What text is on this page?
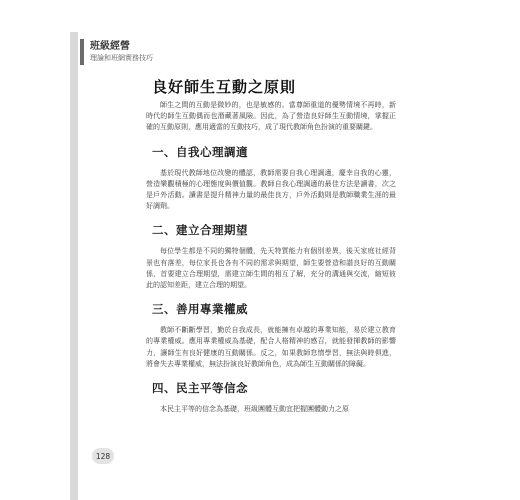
班級經營
理論和班網實務技巧
良好師生互動之原則

師生之間的互動是微妙的，也是敏感的。當尊師重道的優勢情境不再時，新時代的師生互動偶而也潛藏著風險。因此，為了營造良好師生互動情境，掌握正確的互動原則，應用適當的互動技巧，成了現代教師角色扮演的重要關鍵。

一、自我心理調適

基於現代教師地位改變的體認，教師需要自我心理調適，慶幸自我的心靈，營造樂觀積極的心理態度與價值觀。教師自我心理調適的最佳方法是讀書，次之是戶外活動。讀書是提升精神力量的最佳良方，戶外活動則是教師職業生涯的最好調劑。

二、建立合理期望

每位學生都是不同的獨特個體，先天特質能力有個別差異，後天家庭社經背景也有落差，每位家長也各有不同的需求與期望，師生要營造和諧良好的互動關係，首要建立合理期望，需建立師生間的相互了解，充分的溝通與交流，縮短彼此的認知差距，建立合理的期望。

三、善用專業權威

教師不斷斷學習，勤於自我成長，就能擁有卓越的專業知能，易於建立教育的專業權威。應用專業權威為基礎，配合人格精神的感召，就能發揮教師的影響力，讓師生有良好健康的互動關係。反之，如果教師怠惰學習，無法與時俱進，將會失去專業權威，無法扮演良好教師角色，成為師生互動關係的障礙。

四、民主平等信念

本民主平等的信念為基礎，班級團體互動宜把握團體動力之原

128
